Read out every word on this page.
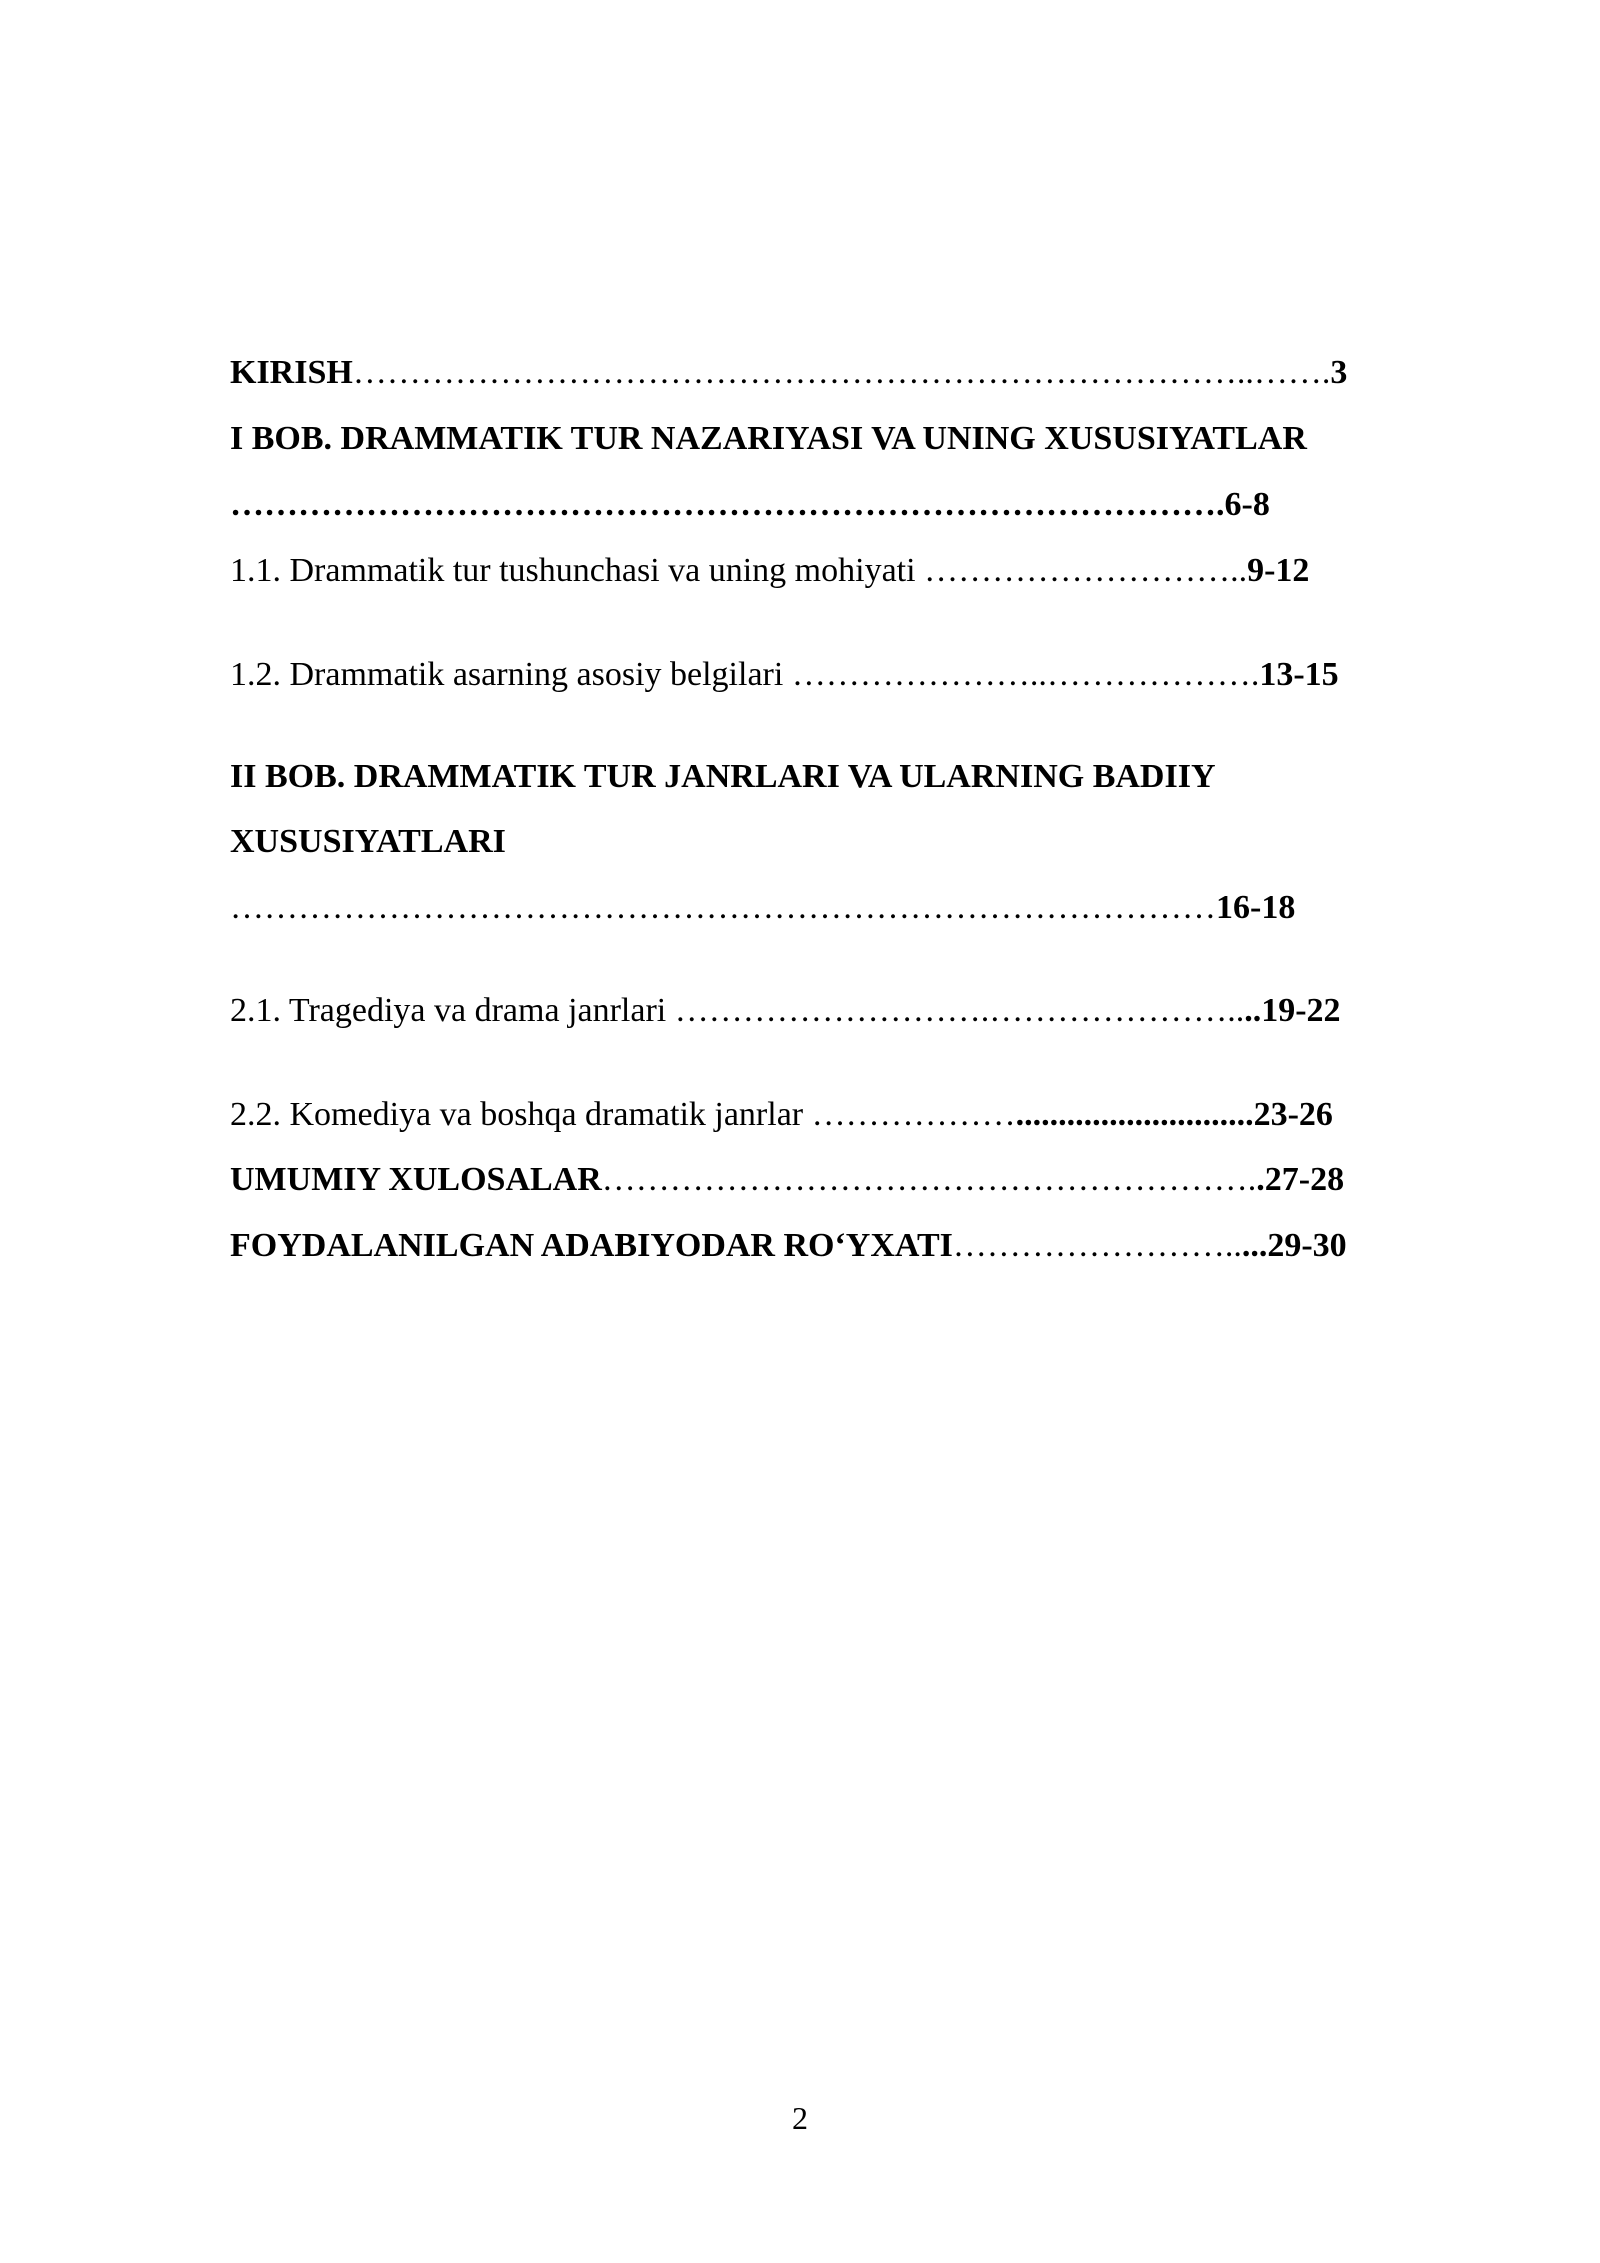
KIRISH……………………………………………………………………..…….3
I BOB. DRAMMATIK TUR NAZARIYASI VA UNING XUSUSIYATLAR
…………………………………………………………………………….6-8
1.1. Drammatik tur tushunchasi va uning mohiyati ………………………..9-12
1.2. Drammatik asarning asosiy belgilari …………………..……………….13-15
II BOB. DRAMMATIK TUR JANRLARI VA ULARNING BADIIY
XUSUSIYATLARI
……………………………………………………………………………16-18
2.1. Tragediya va drama janrlari ……………………….…………………....19-22
2.2. Komediya va boshqa dramatik janrlar ………………............................23-26
UMUMIY XULOSALAR…………………………………………………..27-28
FOYDALANILGAN ADABIYODAR RO‘YXATI…………………….....29-30
2
